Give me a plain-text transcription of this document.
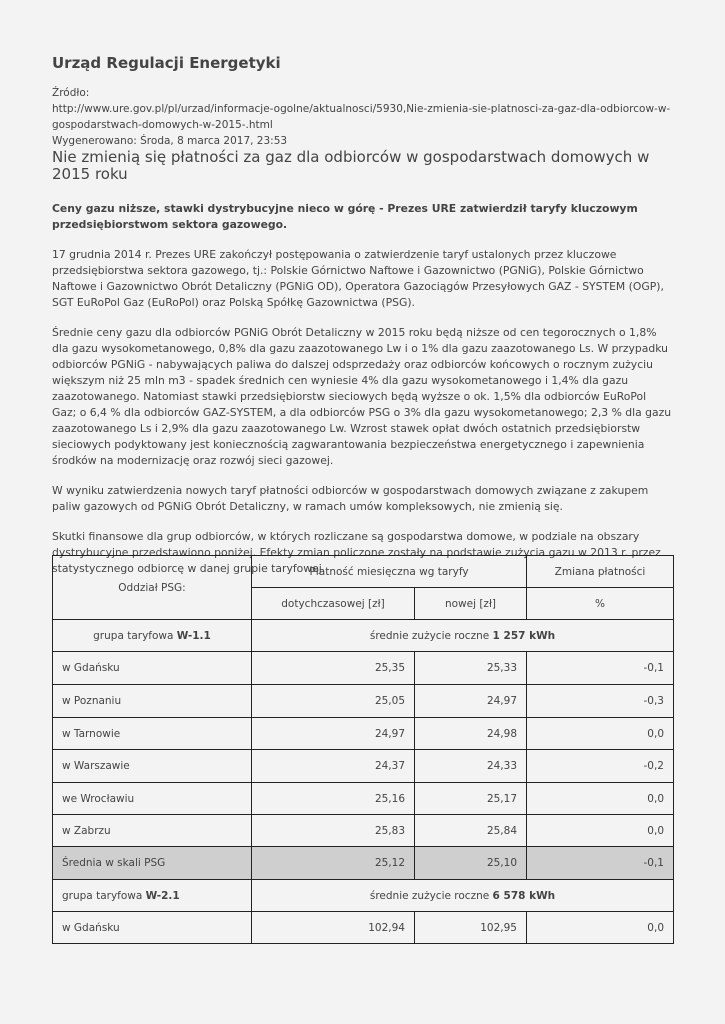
Urząd Regulacji Energetyki
Źródło:
http://www.ure.gov.pl/pl/urzad/informacje-ogolne/aktualnosci/5930,Nie-zmienia-sie-platnosci-za-gaz-dla-odbiorcow-w-gospodarstwach-domowych-w-2015-.html
Wygenerowano: Środa, 8 marca 2017, 23:53
Nie zmienią się płatności za gaz dla odbiorców w gospodarstwach domowych w 2015 roku
Ceny gazu niższe, stawki dystrybucyjne nieco w górę - Prezes URE zatwierdził taryfy kluczowym przedsiębiorstwom sektora gazowego.
17 grudnia 2014 r. Prezes URE zakończył postępowania o zatwierdzenie taryf ustalonych przez kluczowe przedsiębiorstwa sektora gazowego, tj.: Polskie Górnictwo Naftowe i Gazownictwo (PGNiG), Polskie Górnictwo Naftowe i Gazownictwo Obrót Detaliczny (PGNiG OD), Operatora Gazociągów Przesyłowych GAZ - SYSTEM (OGP), SGT EuRoPol Gaz (EuRoPol) oraz Polską Spółkę Gazownictwa (PSG).
Średnie ceny gazu dla odbiorców PGNiG Obrót Detaliczny w 2015 roku będą niższe od cen tegorocznych o 1,8% dla gazu wysokometanowego, 0,8% dla gazu zaazotowanego Lw i o 1% dla gazu zaazotowanego Ls. W przypadku odbiorców PGNiG - nabywających paliwa do dalszej odsprzedaży oraz odbiorców końcowych o rocznym zużyciu większym niż 25 mln m3 - spadek średnich cen wyniesie 4% dla gazu wysokometanowego i 1,4% dla gazu zaazotowanego. Natomiast stawki przedsiębiorstw sieciowych będą wyższe o ok. 1,5% dla odbiorców EuRoPol Gaz; o 6,4 % dla odbiorców GAZ-SYSTEM, a dla odbiorców PSG o 3% dla gazu wysokometanowego; 2,3 % dla gazu zaazotowanego Ls i 2,9% dla gazu zaazotowanego Lw. Wzrost stawek opłat dwóch ostatnich przedsiębiorstw sieciowych podyktowany jest koniecznością zagwarantowania bezpieczeństwa energetycznego i zapewnienia środków na modernizację oraz rozwój sieci gazowej.
W wyniku zatwierdzenia nowych taryf płatności odbiorców w gospodarstwach domowych związane z zakupem paliw gazowych od PGNiG Obrót Detaliczny, w ramach umów kompleksowych, nie zmienią się.
Skutki finansowe dla grup odbiorców, w których rozliczane są gospodarstwa domowe, w podziale na obszary dystrybucyjne przedstawiono poniżej. Efekty zmian policzone zostały na podstawie zużycia gazu w 2013 r. przez statystycznego odbiorcę w danej grupie taryfowej.
Oddział PSG:	Płatność miesięczna wg taryfy		Zmiana płatności
	dotychczasowej [zł]	nowej [zł]	%
grupa taryfowa W-1.1	średnie zużycie roczne 1 257 kWh		
w Gdańsku	25,35	25,33	-0,1
w Poznaniu	25,05	24,97	-0,3
w Tarnowie	24,97	24,98	0,0
w Warszawie	24,37	24,33	-0,2
we Wrocławiu	25,16	25,17	0,0
w Zabrzu	25,83	25,84	0,0
Średnia w skali PSG	25,12	25,10	-0,1
grupa taryfowa W-2.1	średnie zużycie roczne 6 578 kWh		
w Gdańsku	102,94	102,95	0,0
